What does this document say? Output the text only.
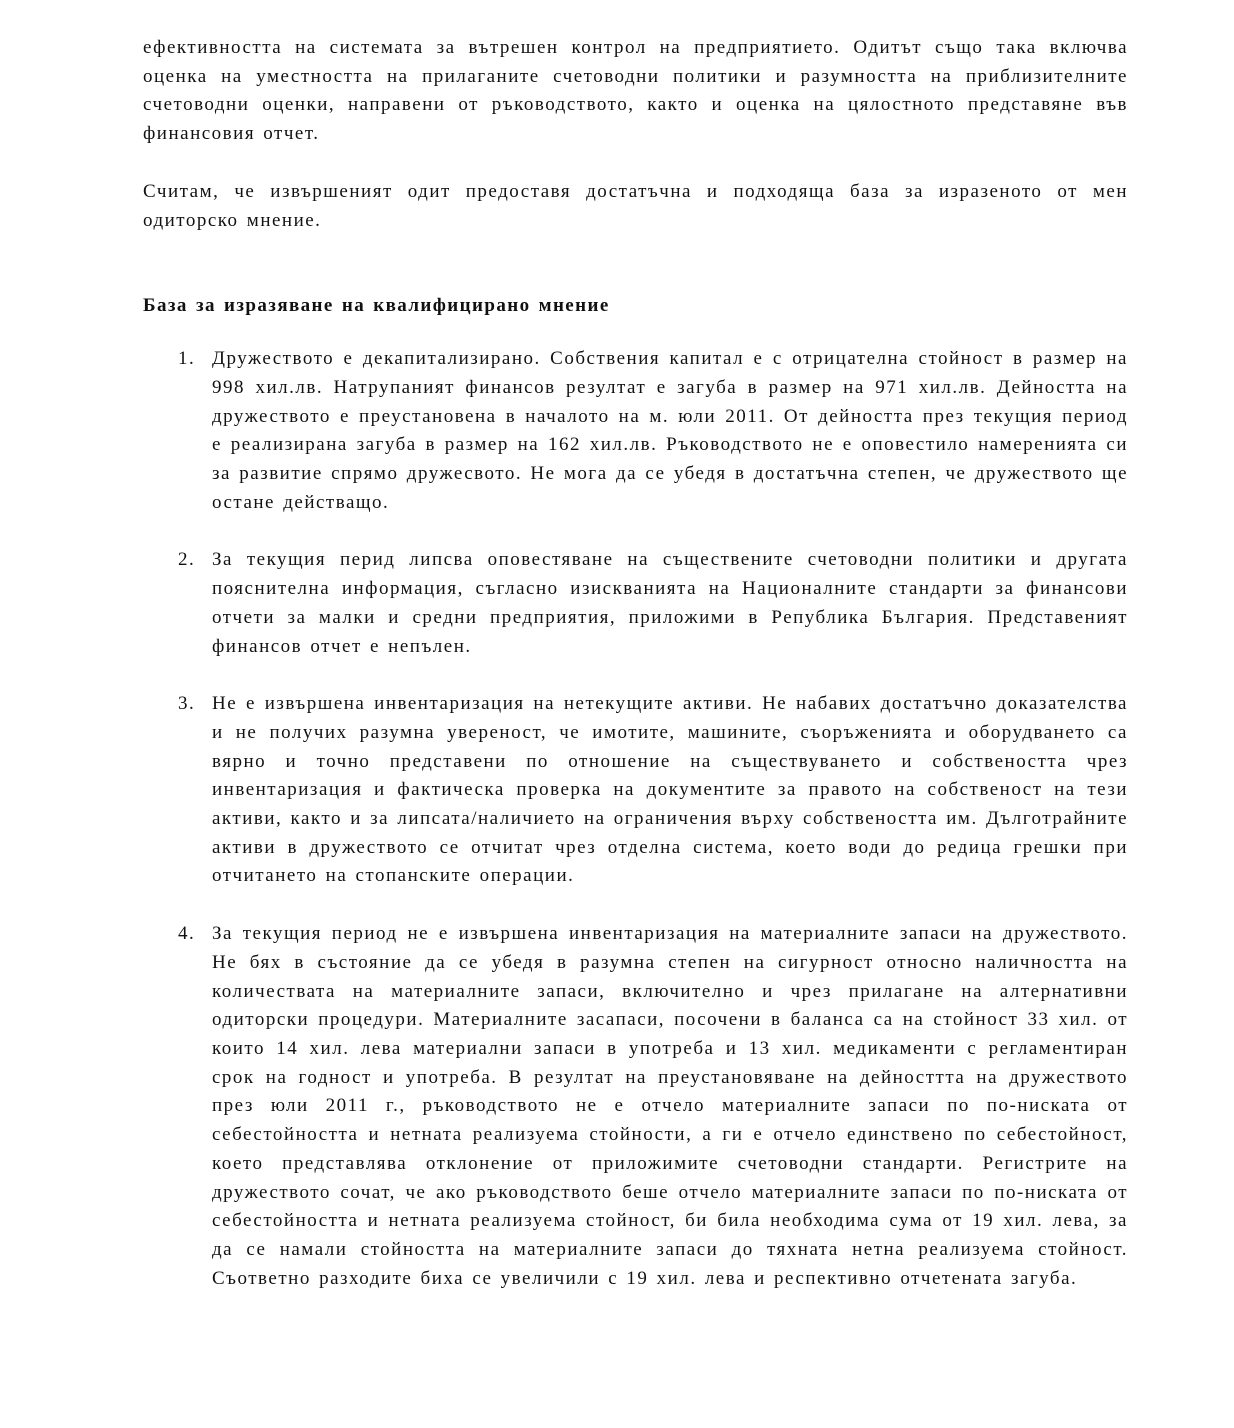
ефективността на системата за вътрешен контрол на предприятието. Одитът също така включва оценка на уместността на прилаганите счетоводни политики и разумността на приблизителните счетоводни оценки, направени от ръководството, както и оценка на цялостното представяне във финансовия отчет.

Считам, че извършеният одит предоставя достатъчна и подходяща база за изразеното от мен одиторско мнение.

База за изразяване на квалифицирано мнение
1. Дружеството е декапитализирано. Собствения капитал е с отрицателна стойност в размер на 998 хил.лв. Натрупаният финансов резултат е загуба в размер на 971 хил.лв. Дейността на дружеството е преустановена в началото на м. юли 2011. От дейността през текущия период е реализирана загуба в размер на 162 хил.лв. Ръководството не е оповестило намеренията си за развитие спрямо дружесвото. Не мога да се убедя в достатъчна степен, че дружеството ще остане действащо.
2. За текущия перид липсва оповестяване на съществените счетоводни политики и другата пояснителна информация, съгласно изискванията на Националните стандарти за финансови отчети за малки и средни предприятия, приложими в Република България. Представеният финансов отчет е непълен.
3. Не е извършена инвентаризация на нетекущите активи. Не набавих достатъчно доказателства и не получих разумна увереност, че имотите, машините, съоръженията и оборудването са вярно и точно представени по отношение на съществуването и собствеността чрез инвентаризация и фактическа проверка на документите за правото на собственост на тези активи, както и за липсата/наличието на ограничения върху собствеността им. Дълготрайните активи в дружеството се отчитат чрез отделна система, което води до редица грешки при отчитането на стопанските операции.
4. За текущия период не е извършена инвентаризация на материалните запаси на дружеството. Не бях в състояние да се убедя в разумна степен на сигурност относно наличността на количествата на материалните запаси, включително и чрез прилагане на алтернативни одиторски процедури. Материалните засапаси, посочени в баланса са на стойност 33 хил. от които 14 хил. лева материални запаси в употреба и 13 хил. медикаменти с регламентиран срок на годност и употреба. В резултат на преустановяване на дейносттта на дружеството през юли 2011 г., ръководството не е отчело материалните запаси по по-ниската от себестойността и нетната реализуема стойности, а ги е отчело единствено по себестойност, което представлява отклонение от приложимите счетоводни стандарти. Регистрите на дружеството сочат, че ако ръководството беше отчело материалните запаси по по-ниската от себестойността и нетната реализуема стойност, би била необходима сума от 19 хил. лева, за да се намали стойността на материалните запаси до тяхната нетна реализуема стойност. Съответно разходите биха се увеличили с 19 хил. лева и респективно отчетената загуба.
